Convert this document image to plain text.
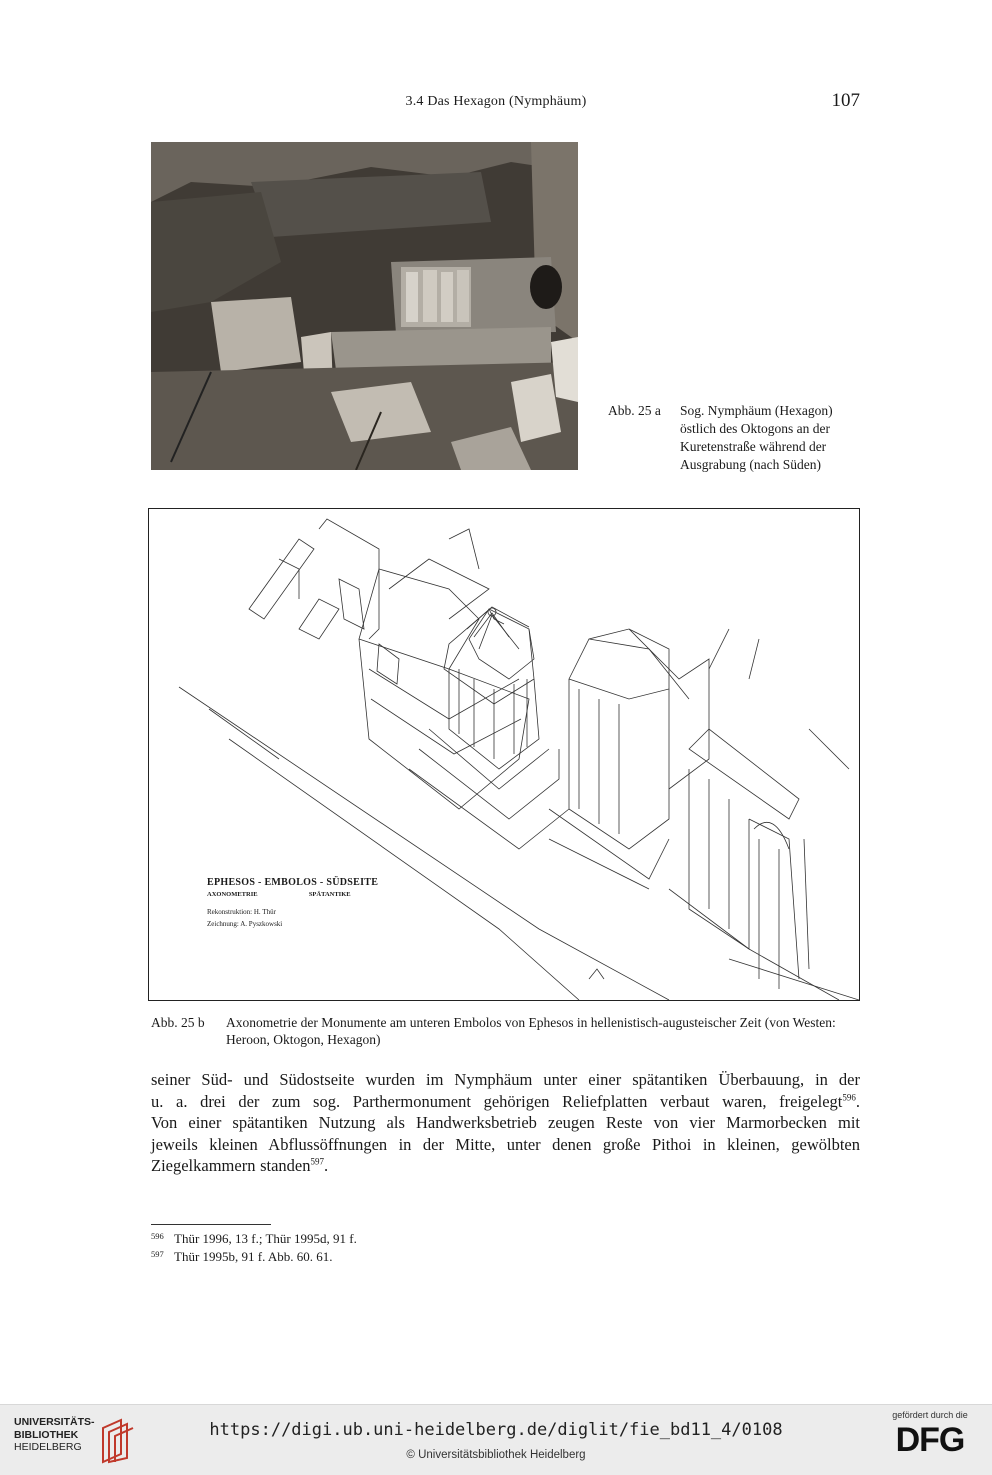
3.4 Das Hexagon (Nymphäum)	107
Abb. 25 a Sog. Nymphäum (Hexagon)
östlich des Oktogons an der
Kuretenstraße während der
Ausgrabung (nach Süden)
EPHESOS - EMBOLOS - SÜDSEITE
AXONOMETRIE	SPÄTANTIKE
Rekonstruktion: H. Thür
Zeichnung: A. Pyszkowski
Abb. 25 b Axonometrie der Monumente am unteren Embolos von Ephesos in hellenistisch-augusteischer Zeit (von Westen: Heroon, Oktogon, Hexagon)
seiner Süd- und Südostseite wurden im Nymphäum unter einer spätantiken Überbauung, in der
u. a. drei der zum sog. Parthermonument gehörigen Reliefplatten verbaut waren, freigelegt$^{596}$.
Von einer spätantiken Nutzung als Handwerksbetrieb zeugen Reste von vier Marmorbecken mit
jeweils kleinen Abflussöffnungen in der Mitte, unter denen große Pithoi in kleinen, gewölbten
Ziegelkammern standen$^{597}$.
596 Thür 1996, 13 f.; Thür 1995d, 91 f.
597 Thür 1995b, 91 f. Abb. 60. 61.
UNIVERSITÄTS-
BIBLIOTHEK
HEIDELBERG
https://digi.ub.uni-heidelberg.de/diglit/fie_bd11_4/0108
© Universitätsbibliothek Heidelberg
gefördert durch die
DFG
